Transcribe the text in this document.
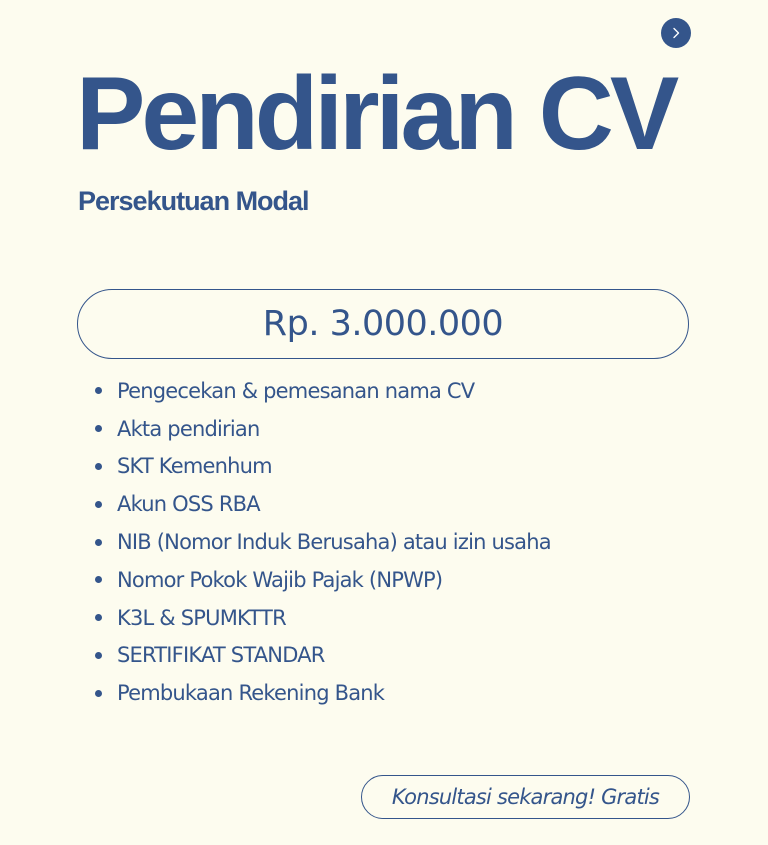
Pendirian CV
Persekutuan Modal
Rp. 3.000.000
Pengecekan & pemesanan nama CV
Akta pendirian
SKT Kemenhum
Akun OSS RBA
NIB (Nomor Induk Berusaha) atau izin usaha
Nomor Pokok Wajib Pajak (NPWP)
K3L & SPUMKTTR
SERTIFIKAT STANDAR
Pembukaan Rekening Bank
Konsultasi sekarang! Gratis
